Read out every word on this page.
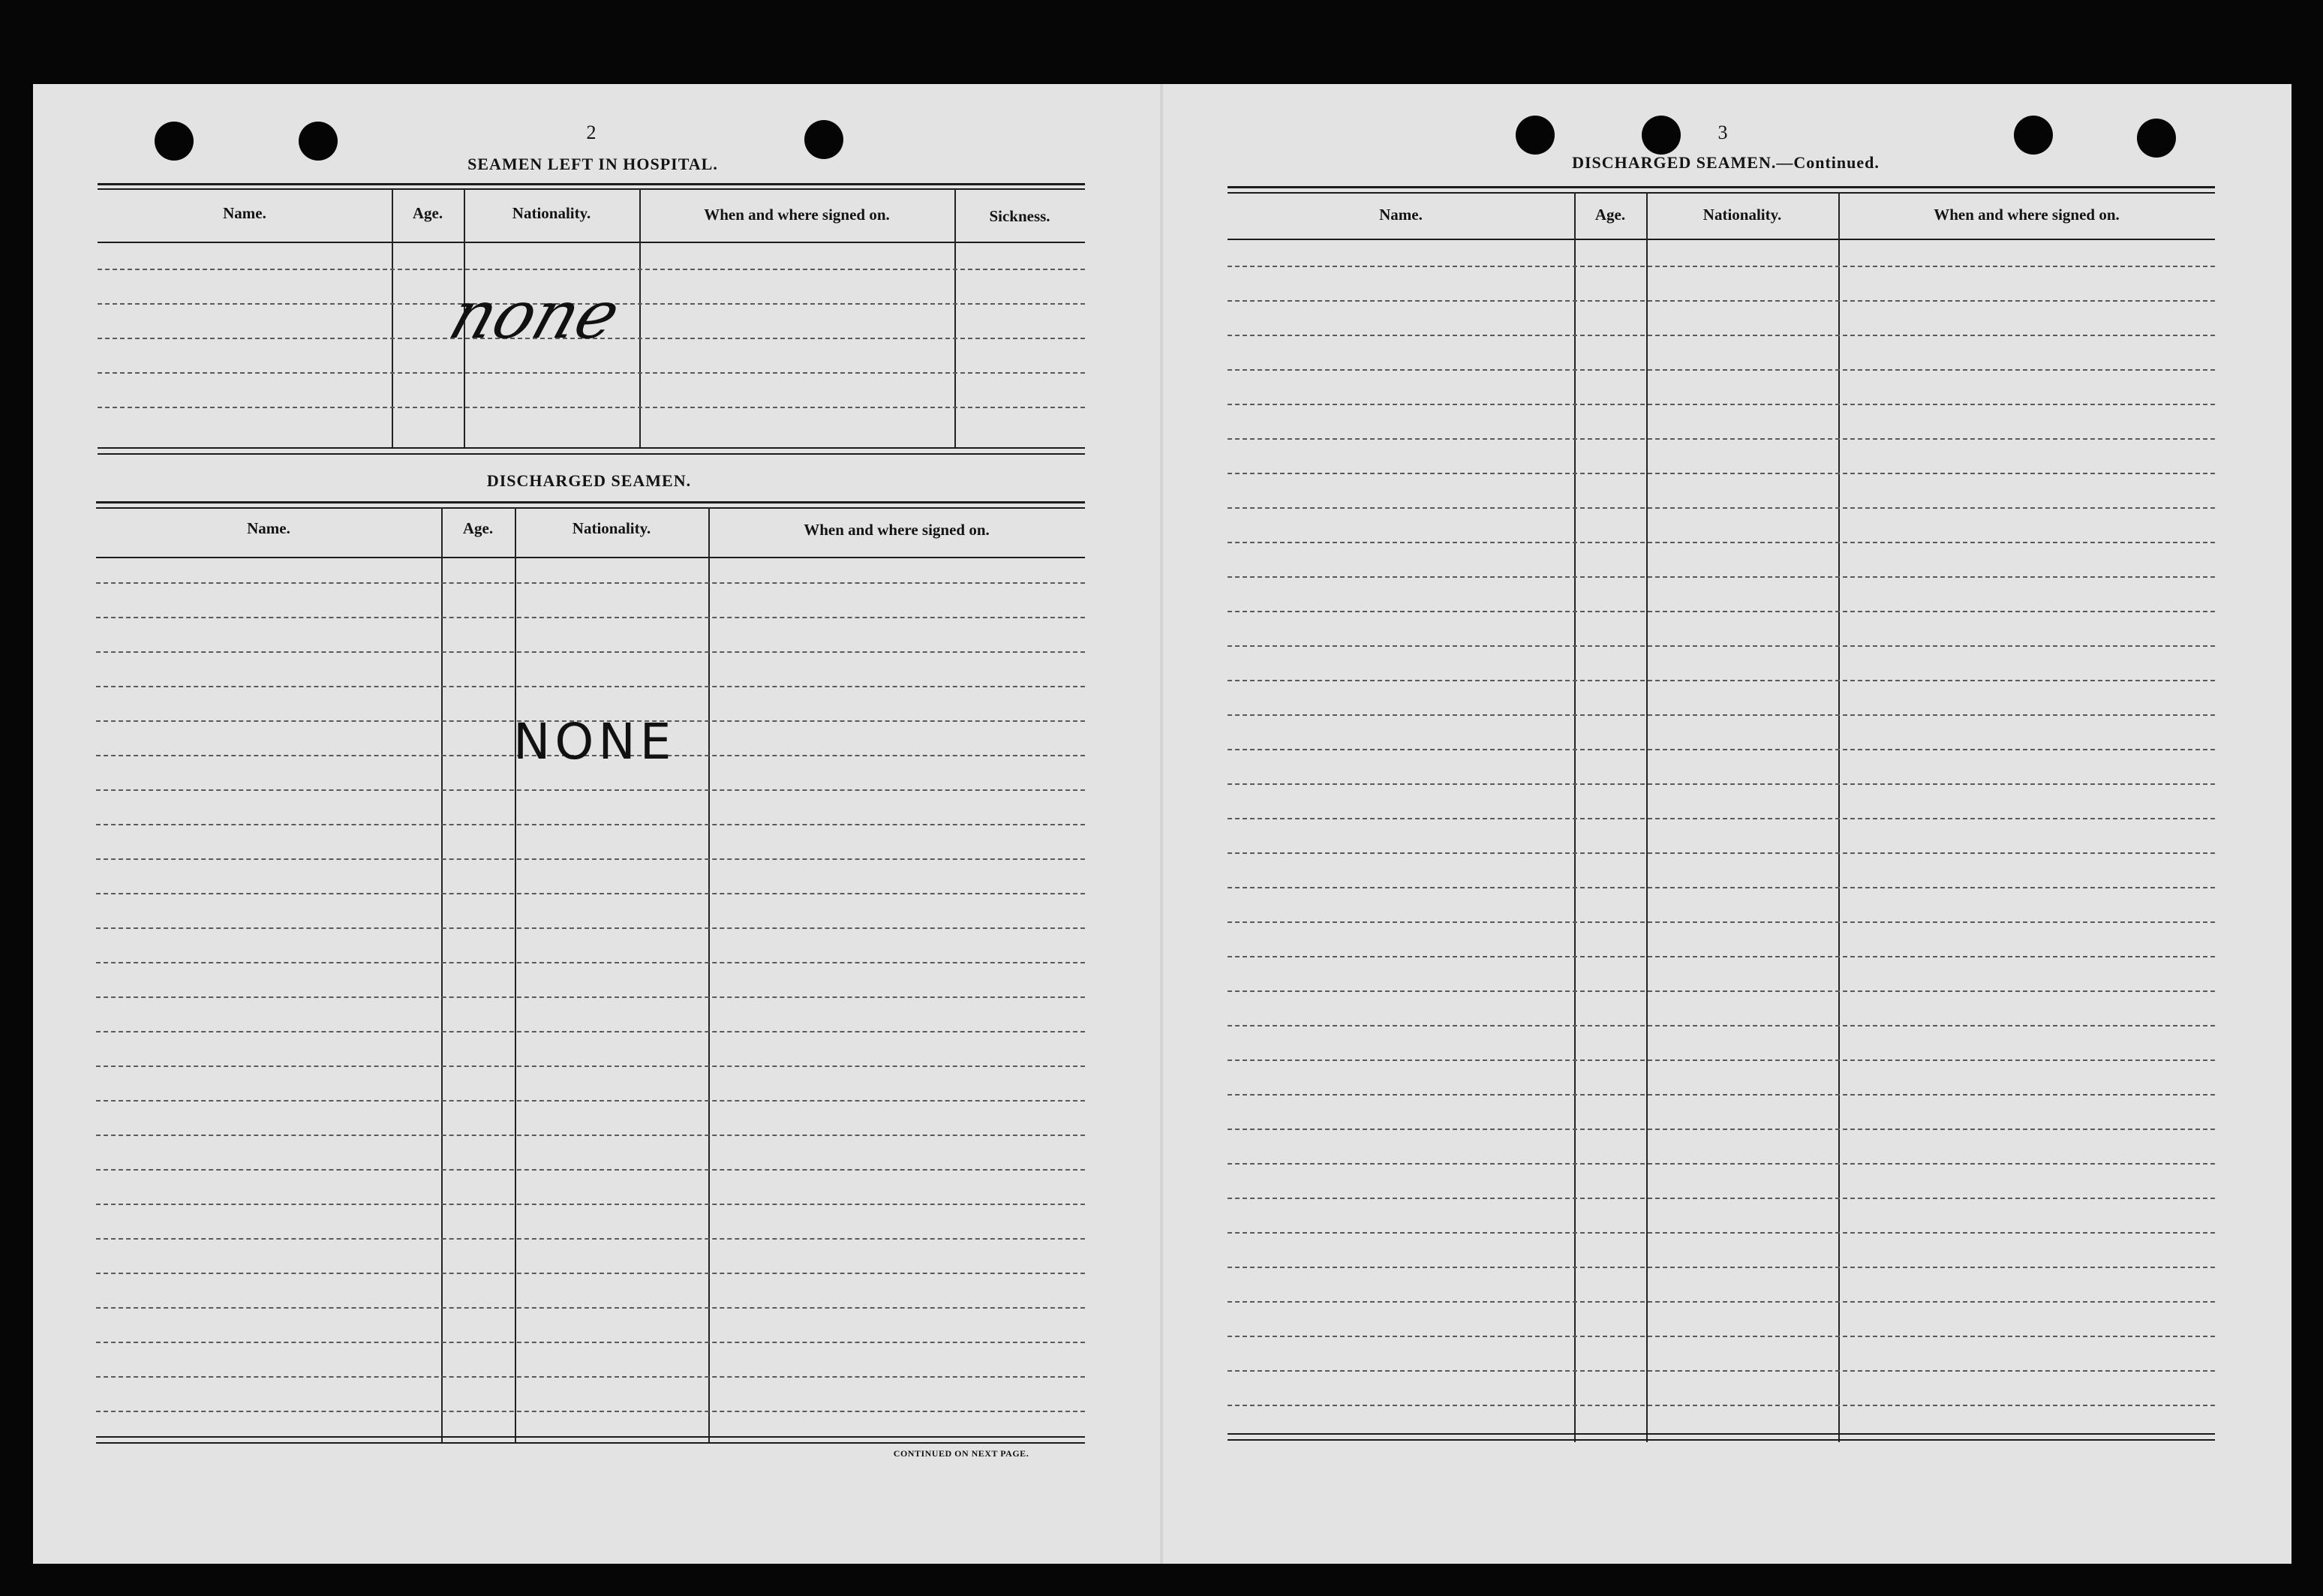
2
SEAMEN LEFT IN HOSPITAL.
Name.	Age.	Nationality.	When and where signed on.	Sickness.
none
DISCHARGED SEAMEN.
Name.	Age.	Nationality.	When and where signed on.
NONE
CONTINUED ON NEXT PAGE.
3
DISCHARGED SEAMEN.—Continued.
Name.	Age.	Nationality.	When and where signed on.
